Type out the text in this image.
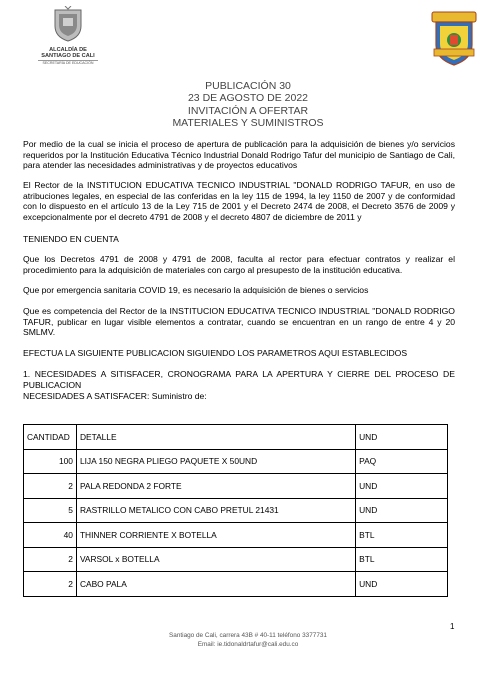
ALCALDÍA DE
SANTIAGO DE CALI
SECRETARÍA DE EDUCACIÓN
PUBLICACIÓN 30
23 DE AGOSTO DE 2022
INVITACIÓN A OFERTAR
MATERIALES Y SUMINISTROS
Por medio de la cual se inicia el proceso de apertura de publicación para la adquisición de bienes y/o servicios requeridos por la Institución Educativa Técnico Industrial Donald Rodrigo Tafur del municipio de Santiago de Cali, para atender las necesidades administrativas y de proyectos educativos
El Rector de la INSTITUCION EDUCATIVA TECNICO INDUSTRIAL "DONALD RODRIGO TAFUR, en uso de atribuciones legales, en especial de las conferidas en la ley 115 de 1994, la ley 1150 de 2007 y de conformidad con lo dispuesto en el artículo 13 de la Ley 715 de 2001 y el Decreto 2474 de 2008, el Decreto 3576 de 2009 y excepcionalmente por el decreto 4791 de 2008 y el decreto 4807 de diciembre de 2011 y
TENIENDO EN CUENTA
Que los Decretos 4791 de 2008 y 4791 de 2008, faculta al rector para efectuar contratos y realizar el procedimiento para la adquisición de materiales con cargo al presupesto de la institución educativa.
Que por emergencia sanitaria COVID 19, es necesario la adquisición de bienes o servicios
Que es competencia del Rector de la INSTITUCION EDUCATIVA TECNICO INDUSTRIAL "DONALD RODRIGO TAFUR, publicar en lugar visible elementos a contratar, cuando se encuentran en un rango de entre 4 y 20 SMLMV.
EFECTUA LA SIGUIENTE PUBLICACION SIGUIENDO LOS PARAMETROS AQUI ESTABLECIDOS
1. NECESIDADES A SITISFACER, CRONOGRAMA PARA LA APERTURA Y CIERRE DEL PROCESO DE PUBLICACION
NECESIDADES A SATISFACER: Suministro de:
CANTIDAD	DETALLE	UND
100	LIJA 150 NEGRA PLIEGO PAQUETE X 50UND	PAQ
2	PALA REDONDA 2 FORTE	UND
5	RASTRILLO METALICO CON CABO PRETUL 21431	UND
40	THINNER CORRIENTE X BOTELLA	BTL
2	VARSOL x BOTELLA	BTL
2	CABO PALA	UND
1
Santiago de Cali, carrera 43B # 40-11 teléfono 3377731
Email: ie.tidonaldrtafur@cali.edu.co
